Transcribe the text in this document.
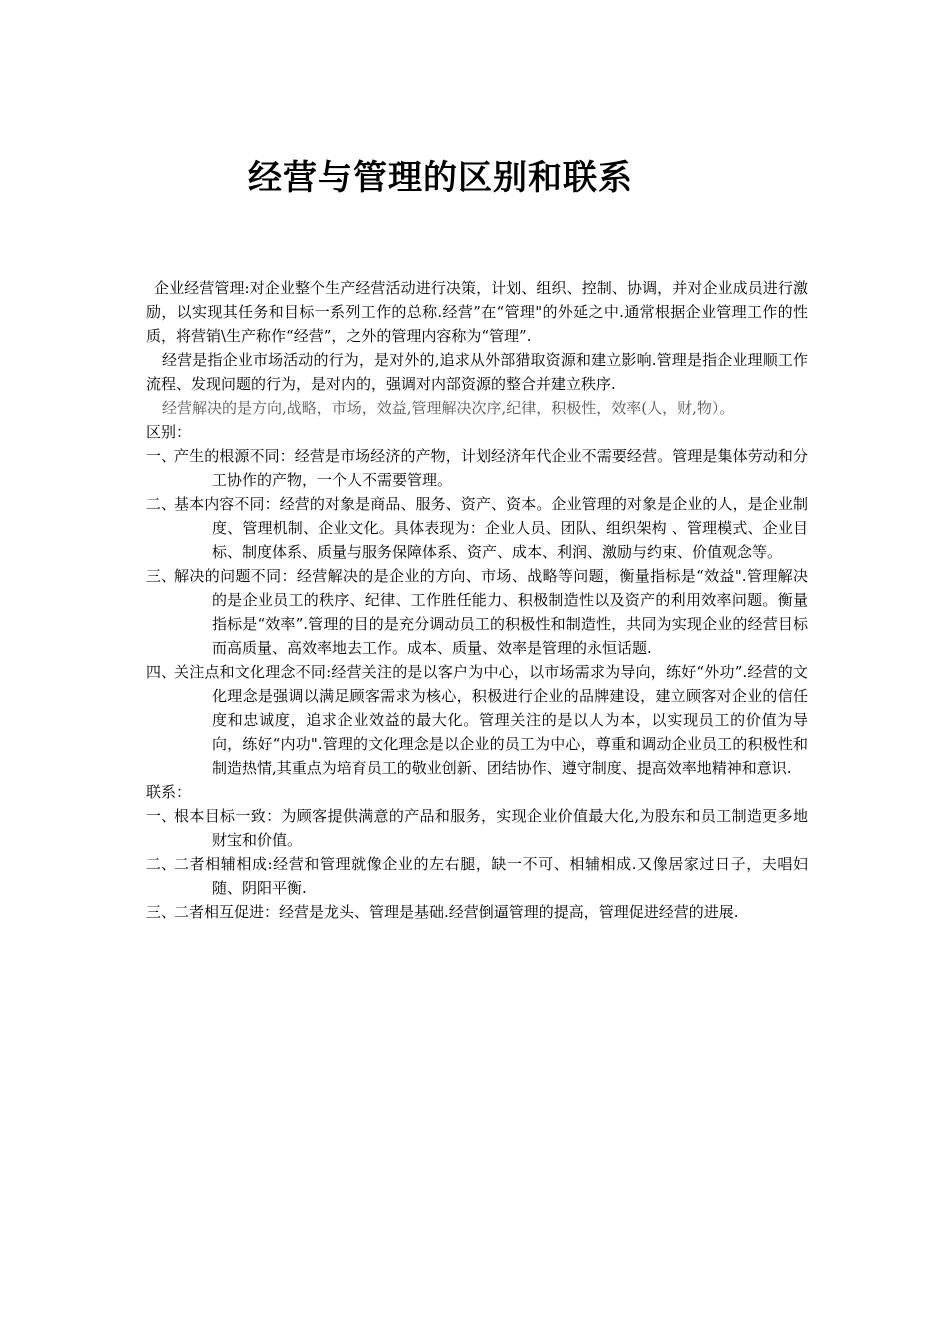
经营与管理的区别和联系

企业经营管理:对企业整个生产经营活动进行决策，计划、组织、控制、协调，并对企业成员进行激励，以实现其任务和目标一系列工作的总称.经营”在“管理"的外延之中.通常根据企业管理工作的性质，将营销\生产称作“经营”，之外的管理内容称为“管理”.

经营是指企业市场活动的行为，是对外的,追求从外部猎取资源和建立影响.管理是指企业理顺工作流程、发现问题的行为，是对内的，强调对内部资源的整合并建立秩序.

经营解决的是方向,战略，市场，效益,管理解决次序,纪律，积极性，效率(人，财,物）。

区别：

一、
产生的根源不同：经营是市场经济的产物，计划经济年代企业不需要经营。管理是集体劳动和分工协作的产物，一个人不需要管理。
二、
基本内容不同：经营的对象是商品、服务、资产、资本。企业管理的对象是企业的人，是企业制度、管理机制、企业文化。具体表现为：企业人员、团队、组织架构 、管理模式、企业目标、制度体系、质量与服务保障体系、资产、成本、利润、激励与约束、价值观念等。
三、
解决的问题不同：经营解决的是企业的方向、市场、战略等问题，衡量指标是“效益".管理解决的是企业员工的秩序、纪律、工作胜任能力、积极制造性以及资产的利用效率问题。衡量指标是“效率”.管理的目的是充分调动员工的积极性和制造性，共同为实现企业的经营目标而高质量、高效率地去工作。成本、质量、效率是管理的永恒话题.
四、
关注点和文化理念不同:经营关注的是以客户为中心，以市场需求为导向，练好“外功”.经营的文化理念是强调以满足顾客需求为核心，积极进行企业的品牌建设，建立顾客对企业的信任度和忠诚度，追求企业效益的最大化。管理关注的是以人为本，以实现员工的价值为导向，练好“内功".管理的文化理念是以企业的员工为中心，尊重和调动企业员工的积极性和制造热情,其重点为培育员工的敬业创新、团结协作、遵守制度、提高效率地精神和意识.

联系：

一、
根本目标一致：为顾客提供满意的产品和服务，实现企业价值最大化,为股东和员工制造更多地财宝和价值。
二、
二者相辅相成:经营和管理就像企业的左右腿，缺一不可、相辅相成.又像居家过日子，夫唱妇随、阴阳平衡.
三、
二者相互促进：经营是龙头、管理是基础.经营倒逼管理的提高，管理促进经营的进展.
